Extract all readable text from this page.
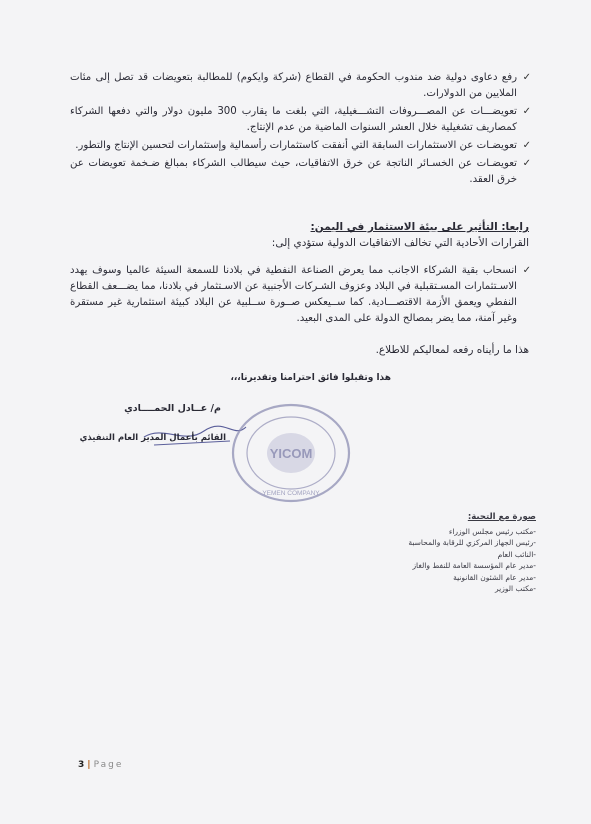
✓
رفع دعاوى دولية ضد مندوب الحكومة في القطاع (شركة وايكوم) للمطالبة بتعويضات قد تصل إلى مئات الملايين من الدولارات.
✓
تعويضـــات عن المصـــروفات التشـــغيلية، التي بلغت ما يقارب 300 مليون دولار والتي دفعها الشركاء كمصاريف تشغيلية خلال العشر السنوات الماضية من عدم الإنتاج.
✓
تعويضـات عن الاستثمارات السابقة التي أنفقت كاستثمارات رأسمالية وإستثمارات لتحسين الإنتاج والتطور.
✓
تعويضـات عن الخسـائر الناتجة عن خرق الاتفاقيات، حيث سيطالب الشركاء بمبالغ ضـخمة تعويضات عن خرق العقد.
رابعا: التأثير على بيئة الاستثمار في اليمن:
القرارات الأحادية التي تخالف الاتفاقيات الدولية ستؤدي إلى:
✓
انسحاب بقية الشركاء الاجانب مما يعرض الصناعة النفطية في بلادنا للسمعة السيئة عالميا وسوف يهدد الاسـتثمارات المسـتقبلية في البلاد وعزوف الشـركات الأجنبية عن الاسـتثمار في بلادنا، مما يضـــعف القطاع النفطي ويعمق الأزمة الاقتصـــادية. كما ســيعكس صــورة ســلبية عن البلاد كبيئة استثمارية غير مستقرة وغير آمنة، مما يضر بمصالح الدولة على المدى البعيد.
هذا ما رأيناه رفعه لمعاليكم للاطلاع.
هذا وتقبلوا فائق احترامنا وتقديرنا،،،
م/ عــادل الحمــــادي
القائم بأعمال المدير العام التنفيذي
YICOM
YEMEN COMPANY
صورة مع التحية:
-مكتب رئيس مجلس الوزراء
-رئيس الجهاز المركزي للرقابة والمحاسبة
-النائب العام
-مدير عام المؤسسة العامة للنفط والغاز
-مدير عام الشئون القانونية
-مكتب الوزير
3 | Page
